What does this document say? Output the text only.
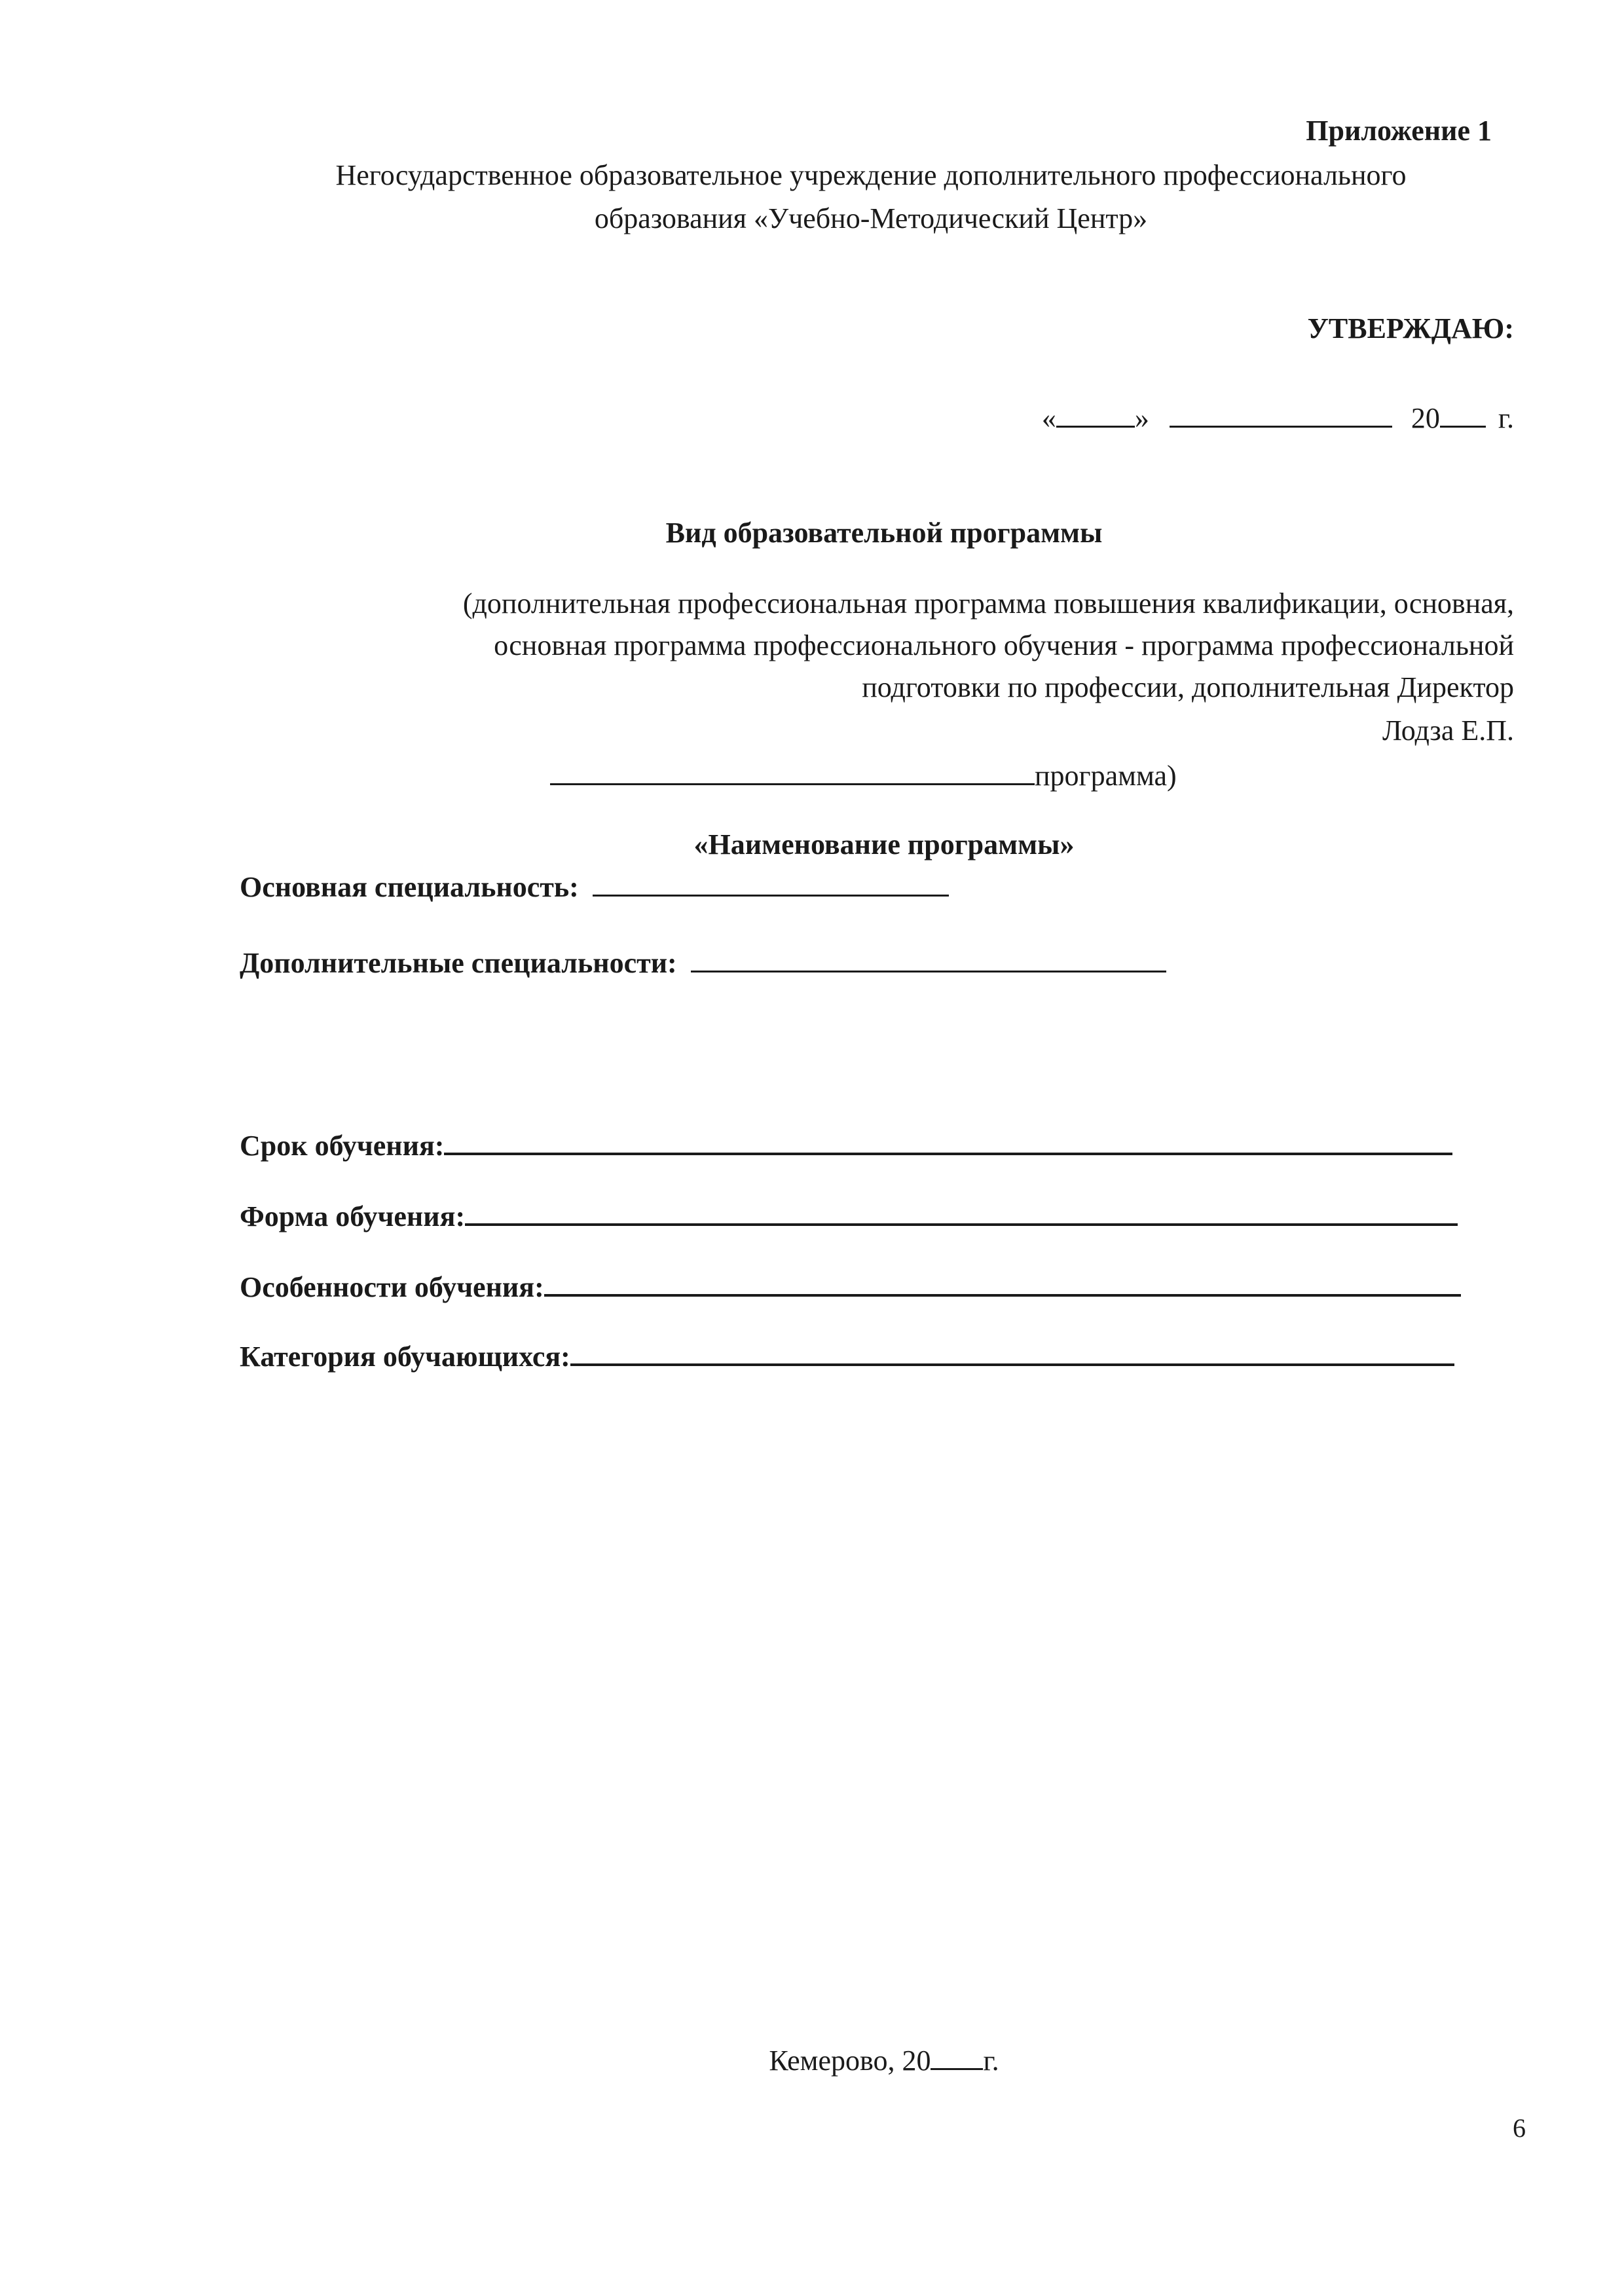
Приложение 1
Негосударственное образовательное учреждение дополнительного профессионального
образования «Учебно-Методический Центр»
УТВЕРЖДАЮ:
«	»	20 г.
Вид образовательной программы
(дополнительная профессиональная программа повышения квалификации, основная,
основная программа профессионального обучения - программа профессиональной
подготовки по профессии, дополнительная Директор
Лодза Е.П.
программа)
«Наименование программы»
Основная специальность:
Дополнительные специальности:
Срок обучения:
Форма обучения:
Особенности обучения:
Категория обучающихся:
Кемерово, 20 г.
6
